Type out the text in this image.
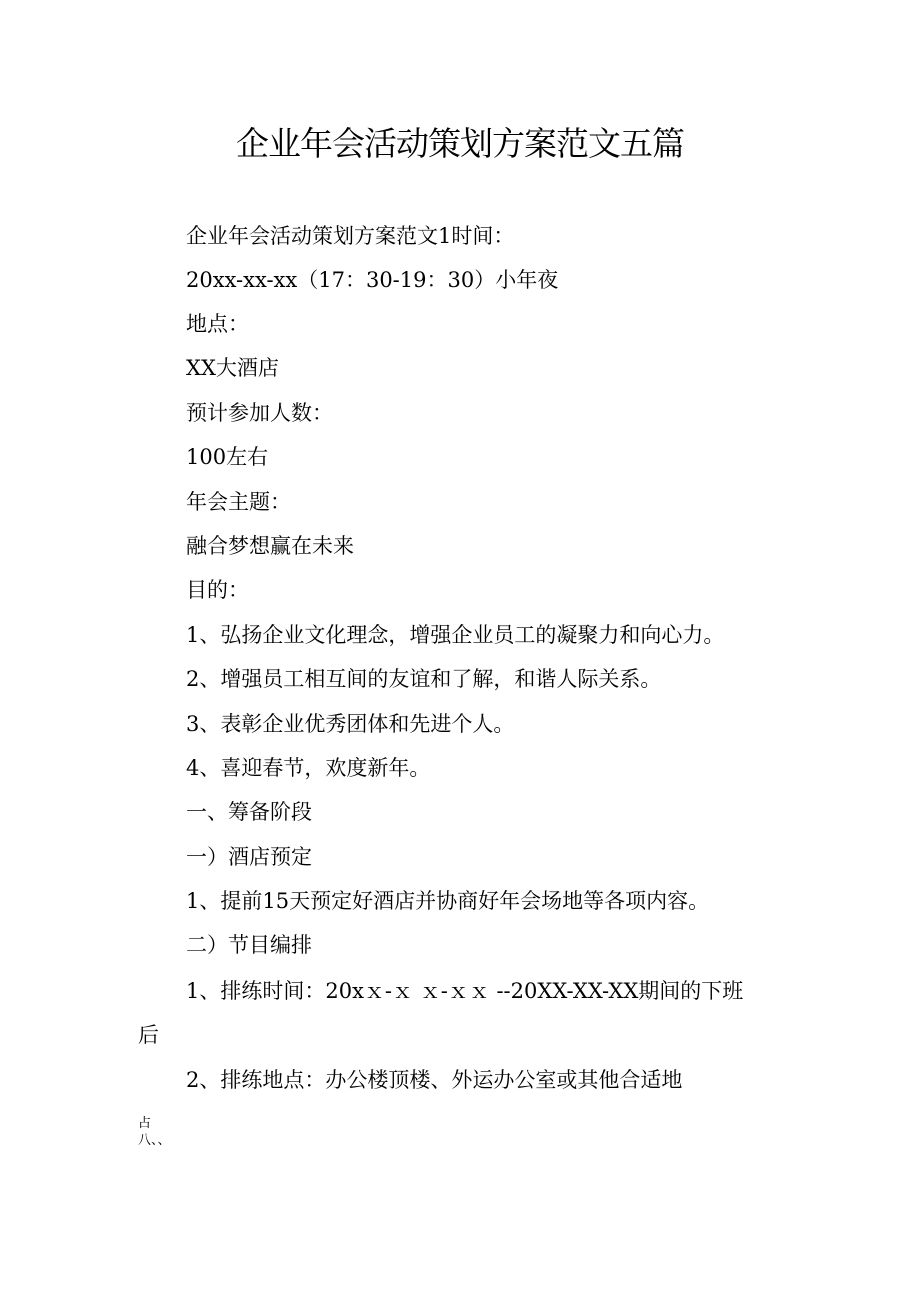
企业年会活动策划方案范文五篇

企业年会活动策划方案范文1时间：

20xx-xx-xx（17：30-19：30）小年夜

地点：

XX大酒店

预计参加人数：

100左右

年会主题：

融合梦想赢在未来

目的：

1、弘扬企业文化理念，增强企业员工的凝聚力和向心力。

2、增强员工相互间的友谊和了解，和谐人际关系。

3、表彰企业优秀团体和先进个人。

4、喜迎春节，欢度新年。

一、筹备阶段

一）酒店预定

1、提前15天预定好酒店并协商好年会场地等各项内容。

二）节目编排

1、排练时间：20xｘ-ｘ ｘ-ｘｘ --20XX-XX-XX期间的下班

后

2、排练地点：办公楼顶楼、外运办公室或其他合适地

占

八、、
